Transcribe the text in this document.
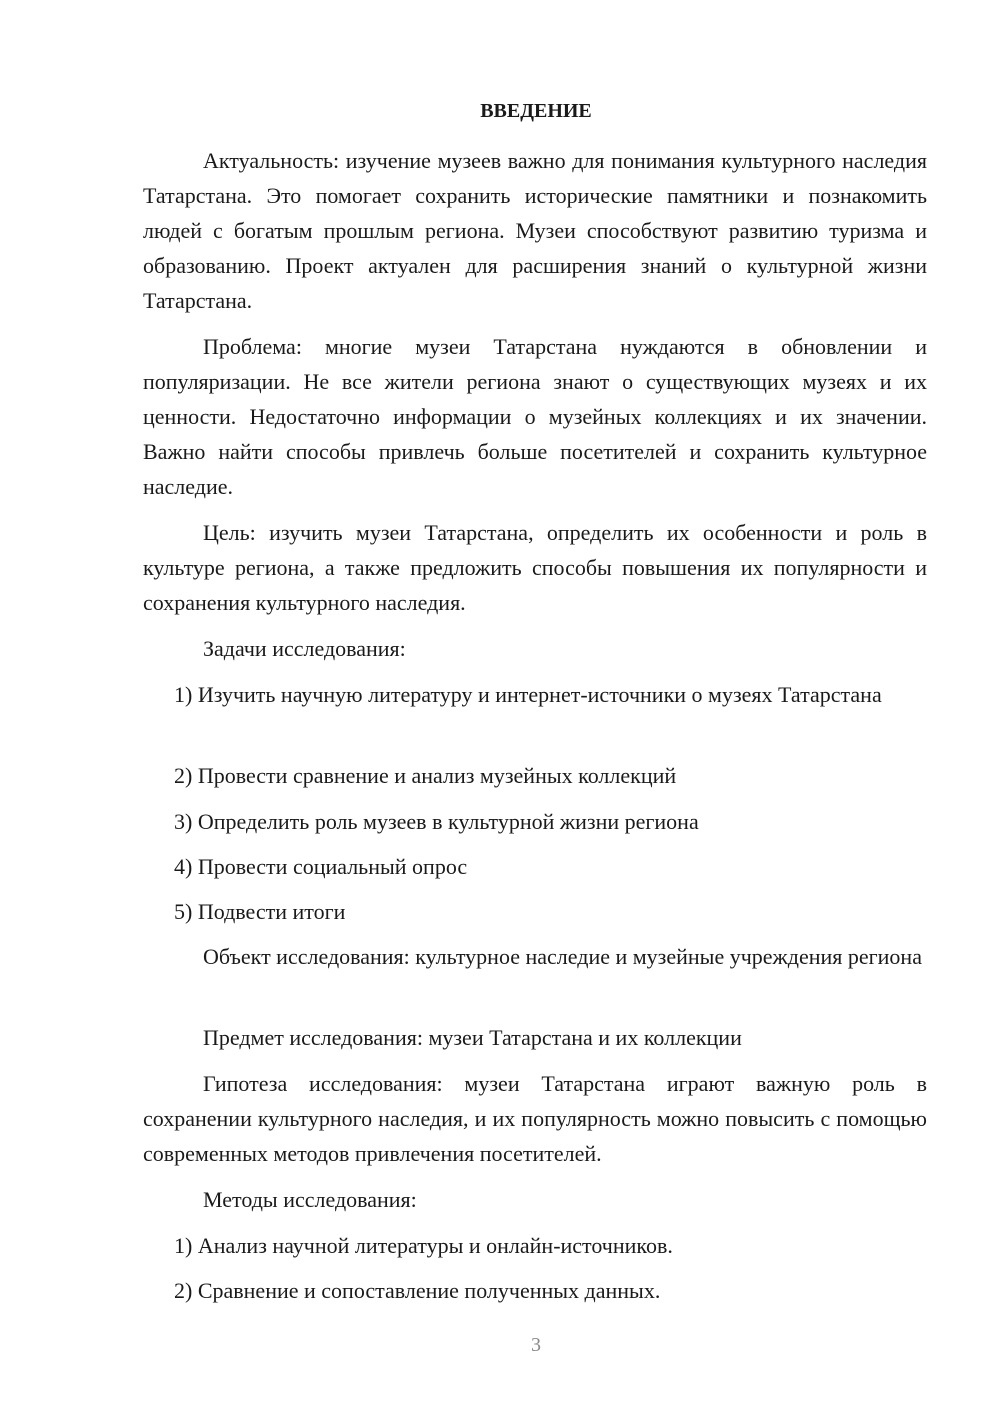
ВВЕДЕНИЕ

Актуальность: изучение музеев важно для понимания культурного наследия Татарстана. Это помогает сохранить исторические памятники и познакомить людей с богатым прошлым региона. Музеи способствуют развитию туризма и образованию. Проект актуален для расширения знаний о культурной жизни Татарстана.

Проблема: многие музеи Татарстана нуждаются в обновлении и популяризации. Не все жители региона знают о существующих музеях и их ценности. Недостаточно информации о музейных коллекциях и их значении. Важно найти способы привлечь больше посетителей и сохранить культурное наследие.

Цель: изучить музеи Татарстана, определить их особенности и роль в культуре региона, а также предложить способы повышения их популярности и сохранения культурного наследия.

Задачи исследования:

1) Изучить научную литературу и интернет-источники о музеях Татарстана

2) Провести сравнение и анализ музейных коллекций

3) Определить роль музеев в культурной жизни региона

4) Провести социальный опрос

5) Подвести итоги

Объект исследования: культурное наследие и музейные учреждения региона

Предмет исследования: музеи Татарстана и их коллекции

Гипотеза исследования: музеи Татарстана играют важную роль в сохранении культурного наследия, и их популярность можно повысить с помощью современных методов привлечения посетителей.

Методы исследования:

1) Анализ научной литературы и онлайн-источников.

2) Сравнение и сопоставление полученных данных.

3
